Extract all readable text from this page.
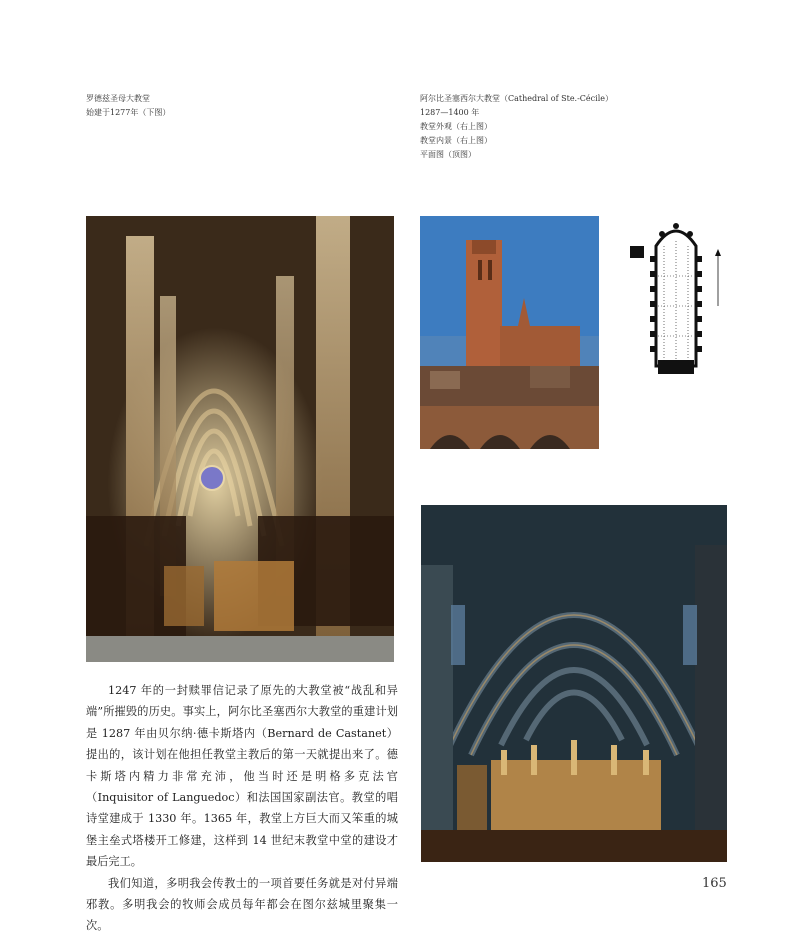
罗德兹圣母大教堂
始建于1277年（下图）
阿尔比圣塞西尔大教堂（Cathedral of Ste.-Cécile）
1287—1400 年
教堂外观（右上图）
教堂内景（右上图）
平面图（顶图）

1247 年的一封赎罪信记录了原先的大教堂被“战乱和异端”所摧毁的历史。事实上，阿尔比圣塞西尔大教堂的重建计划是 1287 年由贝尔纳·德卡斯塔内（Bernard de Castanet）提出的，该计划在他担任教堂主教后的第一天就提出来了。德卡斯塔内精力非常充沛，他当时还是明格多克法官（Inquisitor of Languedoc）和法国国家副法官。教堂的唱诗堂建成于 1330 年。1365 年，教堂上方巨大而又笨重的城堡主垒式塔楼开工修建，这样到 14 世纪末教堂中堂的建设才最后完工。

我们知道，多明我会传教士的一项首要任务就是对付异端邪教。多明我会的牧师会成员每年都会在图尔兹城里聚集一次。

165
